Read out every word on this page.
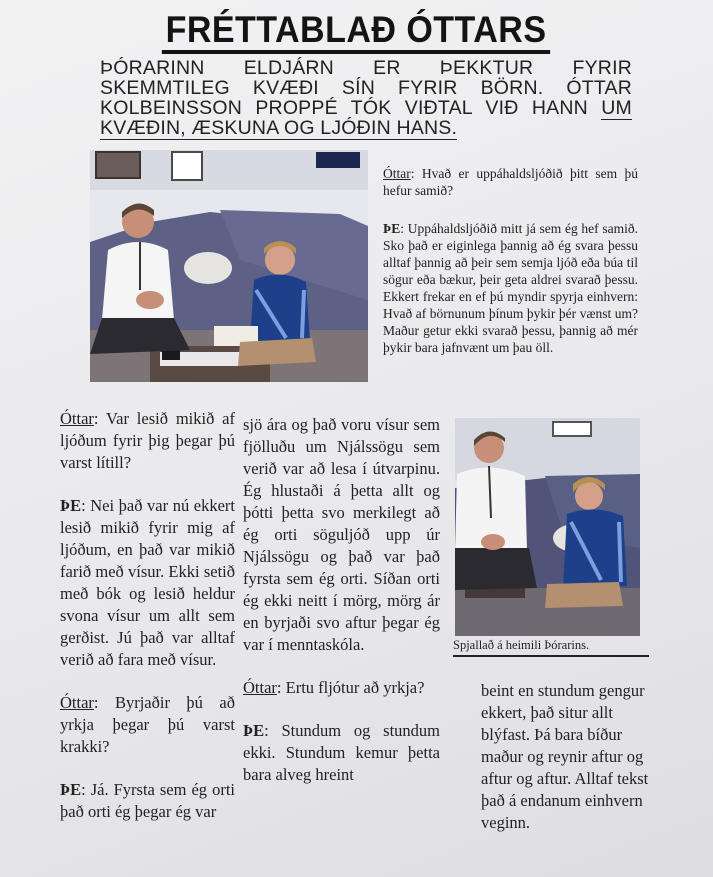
FRÉTTABLAÐ ÓTTARS
ÞÓRARINN ELDJÁRN ER ÞEKKTUR FYRIR SKEMMTILEG KVÆÐI SÍN FYRIR BÖRN. ÓTTAR KOLBEINSSON PROPPÉ TÓK VIÐTAL VIÐ HANN UM KVÆÐIN, ÆSKUNA OG LJÓÐIN HANS.

Óttar: Hvað er uppáhaldsljóðið þitt sem þú hefur samið?

ÞE: Uppáhaldsljóðið mitt já sem ég hef samið. Sko það er eiginlega þannig að ég svara þessu alltaf þannig að þeir sem semja ljóð eða búa til sögur eða bækur, þeir geta aldrei svarað þessu. Ekkert frekar en ef þú myndir spyrja einhvern: Hvað af börnunum þínum þykir þér vænst um? Maður getur ekki svarað þessu, þannig að mér þykir bara jafnvænt um þau öll.

Óttar: Var lesið mikið af ljóðum fyrir þig þegar þú varst lítill?

ÞE: Nei það var nú ekkert lesið mikið fyrir mig af ljóðum, en það var mikið farið með vísur. Ekki setið með bók og lesið heldur svona vísur um allt sem gerðist. Jú það var alltaf verið að fara með vísur.

Óttar: Byrjaðir þú að yrkja þegar þú varst krakki?

ÞE: Já. Fyrsta sem ég orti það orti ég þegar ég var

sjö ára og það voru vísur sem fjölluðu um Njálssögu sem verið var að lesa í útvarpinu. Ég hlustaði á þetta allt og þótti þetta svo merkilegt að ég orti söguljóð upp úr Njálssögu og það var það fyrsta sem ég orti. Síðan orti ég ekki neitt í mörg, mörg ár en byrjaði svo aftur þegar ég var í menntaskóla.

Óttar: Ertu fljótur að yrkja?

ÞE: Stundum og stundum ekki. Stundum kemur þetta bara alveg hreint

Spjallað á heimili Þórarins.

beint en stundum gengur ekkert, það situr allt blýfast. Þá bara bíður maður og reynir aftur og aftur og aftur. Alltaf tekst það á endanum einhvern veginn.
